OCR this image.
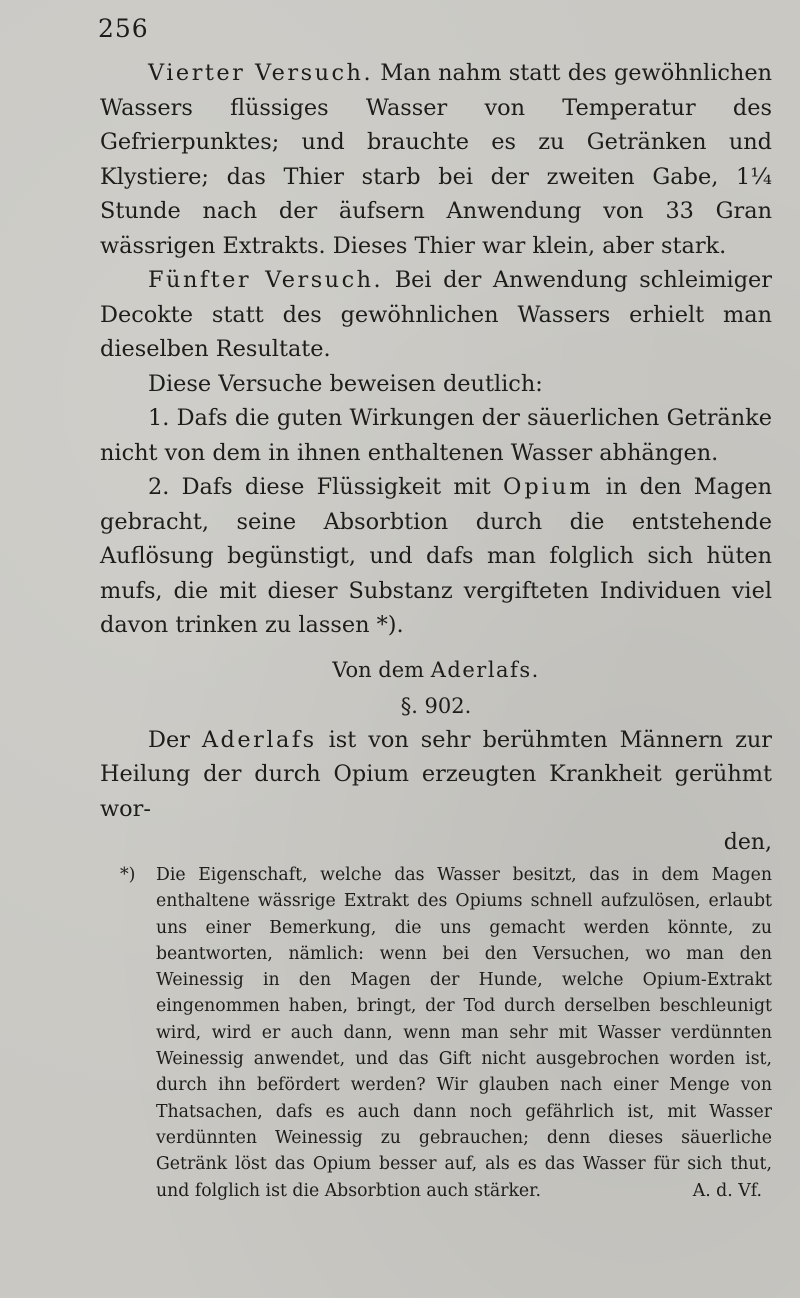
256

Vierter Versuch. Man nahm statt des gewöhnlichen Wassers flüssiges Wasser von Temperatur des Gefrierpunktes; und brauchte es zu Getränken und Klystiere; das Thier starb bei der zweiten Gabe, 1¼ Stunde nach der äufsern Anwendung von 33 Gran wässrigen Extrakts. Dieses Thier war klein, aber stark.

Fünfter Versuch. Bei der Anwendung schleimiger Decokte statt des gewöhnlichen Wassers erhielt man dieselben Resultate.

Diese Versuche beweisen deutlich:

1. Dafs die guten Wirkungen der säuerlichen Getränke nicht von dem in ihnen enthaltenen Wasser abhängen.

2. Dafs diese Flüssigkeit mit Opium in den Magen gebracht, seine Absorbtion durch die entstehende Auflösung begünstigt, und dafs man folglich sich hüten mufs, die mit dieser Substanz vergifteten Individuen viel davon trinken zu lassen *).

Von dem Aderlafs.

§. 902.

Der Aderlafs ist von sehr berühmten Männern zur Heilung der durch Opium erzeugten Krankheit gerühmt wor-

den,

*) Die Eigenschaft, welche das Wasser besitzt, das in dem Magen enthaltene wässrige Extrakt des Opiums schnell aufzulösen, erlaubt uns einer Bemerkung, die uns gemacht werden könnte, zu beantworten, nämlich: wenn bei den Versuchen, wo man den Weinessig in den Magen der Hunde, welche Opium-Extrakt eingenommen haben, bringt, der Tod durch derselben beschleunigt wird, wird er auch dann, wenn man sehr mit Wasser verdünnten Weinessig anwendet, und das Gift nicht ausgebrochen worden ist, durch ihn befördert werden? Wir glauben nach einer Menge von Thatsachen, dafs es auch dann noch gefährlich ist, mit Wasser verdünnten Weinessig zu gebrauchen; denn dieses säuerliche Getränk löst das Opium besser auf, als es das Wasser für sich thut, und folglich ist die Absorbtion auch stärker.	A. d. Vf.
